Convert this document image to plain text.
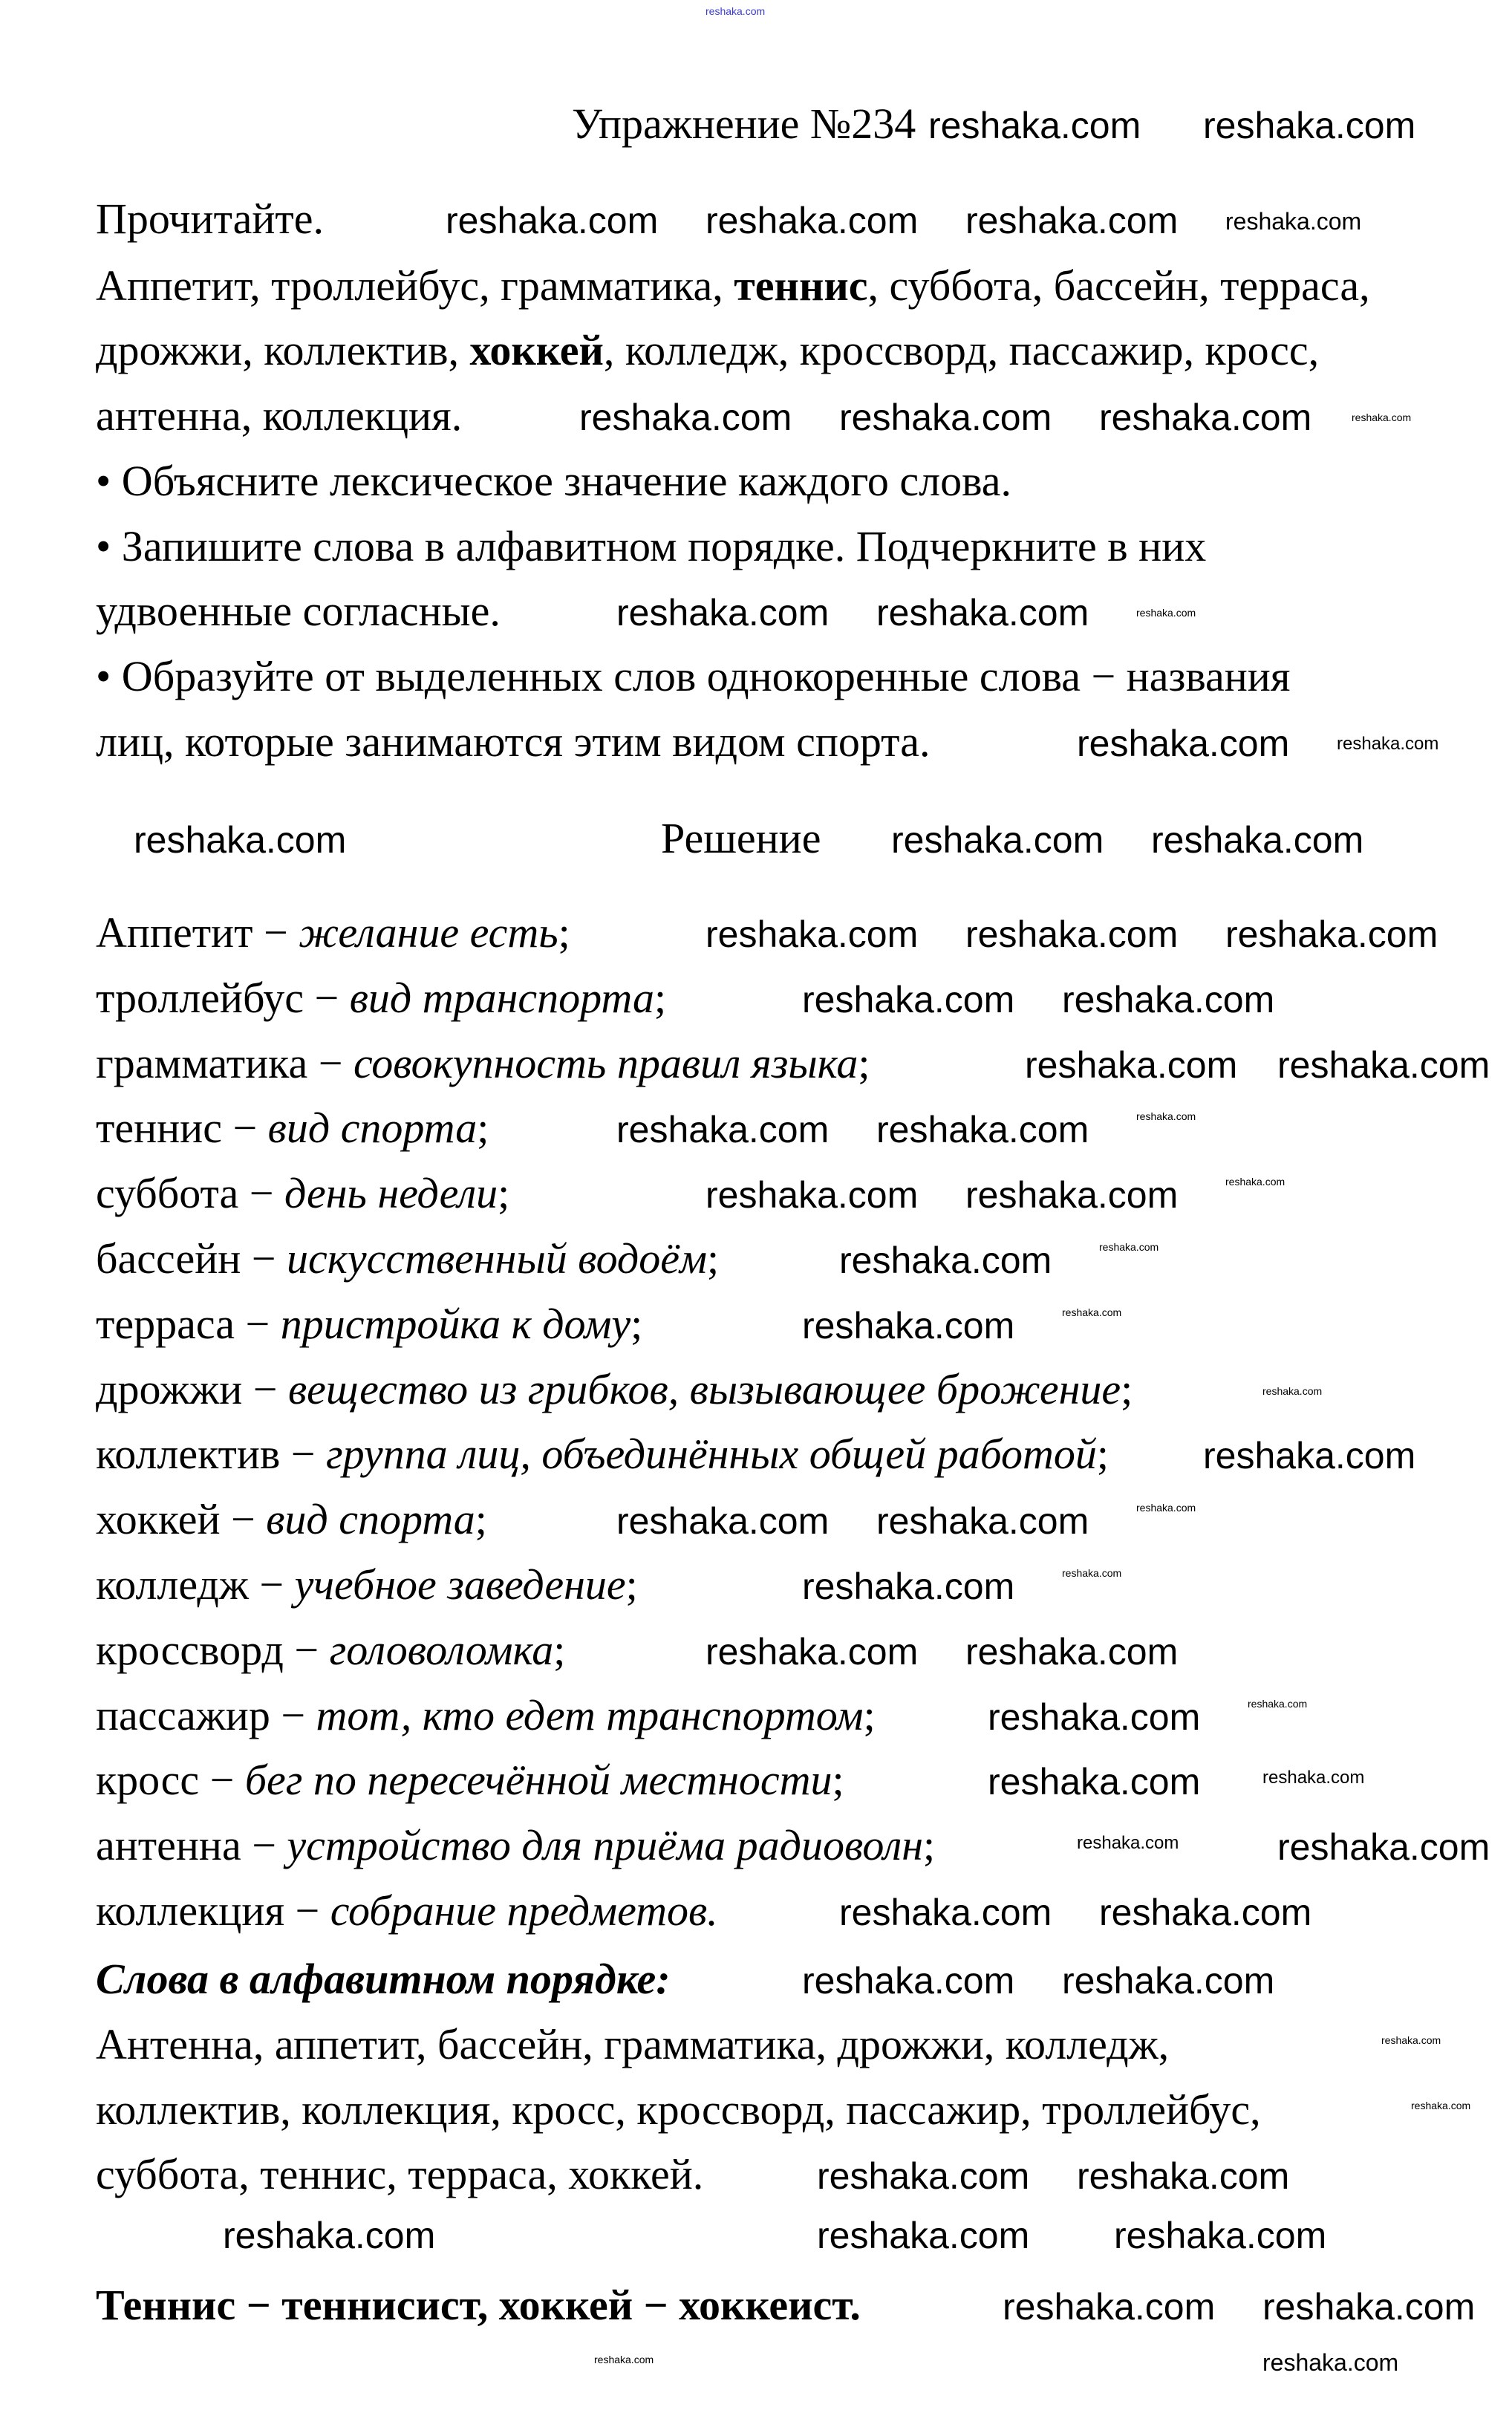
Упражнение №234
Прочитайте.
Аппетит, троллейбус, грамматика, теннис, суббота, бассейн, терраса,
дрожжи, коллектив, хоккей, колледж, кроссворд, пассажир, кросс,
антенна, коллекция.
• Объясните лексическое значение каждого слова.
• Запишите слова в алфавитном порядке. Подчеркните в них
удвоенные согласные.
• Образуйте от выделенных слов однокоренные слова − названия
лиц, которые занимаются этим видом спорта.
Решение
Аппетит − желание есть;
троллейбус − вид транспорта;
грамматика − совокупность правил языка;
теннис − вид спорта;
суббота − день недели;
бассейн − искусственный водоём;
терраса − пристройка к дому;
дрожжи − вещество из грибков, вызывающее брожение;
коллектив − группа лиц, объединённых общей работой;
хоккей − вид спорта;
колледж − учебное заведение;
кроссворд − головоломка;
пассажир − тот, кто едет транспортом;
кросс − бег по пересечённой местности;
антенна − устройство для приёма радиоволн;
коллекция − собрание предметов.
Слова в алфавитном порядке:
Антенна, аппетит, бассейн, грамматика, дрожжи, колледж,
коллектив, коллекция, кросс, кроссворд, пассажир, троллейбус,
суббота, теннис, терраса, хоккей.
Теннис − теннисист, хоккей − хоккеист.
reshaka.com
reshaka.com reshaka.com
reshaka.com reshaka.com reshaka.com reshaka.com
reshaka.com reshaka.com reshaka.com	reshaka.com
reshaka.com reshaka.com	reshaka.com
reshaka.com	reshaka.com
reshaka.com	reshaka.com reshaka.com
reshaka.com reshaka.com reshaka.com
reshaka.com reshaka.com
reshaka.com reshaka.com
reshaka.com reshaka.com	reshaka.com
reshaka.com reshaka.com	reshaka.com
reshaka.com	reshaka.com
reshaka.com	reshaka.com
reshaka.com
reshaka.com
reshaka.com reshaka.com	reshaka.com
reshaka.com	reshaka.com
reshaka.com reshaka.com
reshaka.com	reshaka.com
reshaka.com	reshaka.com
reshaka.com	reshaka.com
reshaka.com reshaka.com
reshaka.com reshaka.com
reshaka.com
reshaka.com
reshaka.com reshaka.com
reshaka.com	reshaka.com reshaka.com
reshaka.com reshaka.com
reshaka.com	reshaka.com
